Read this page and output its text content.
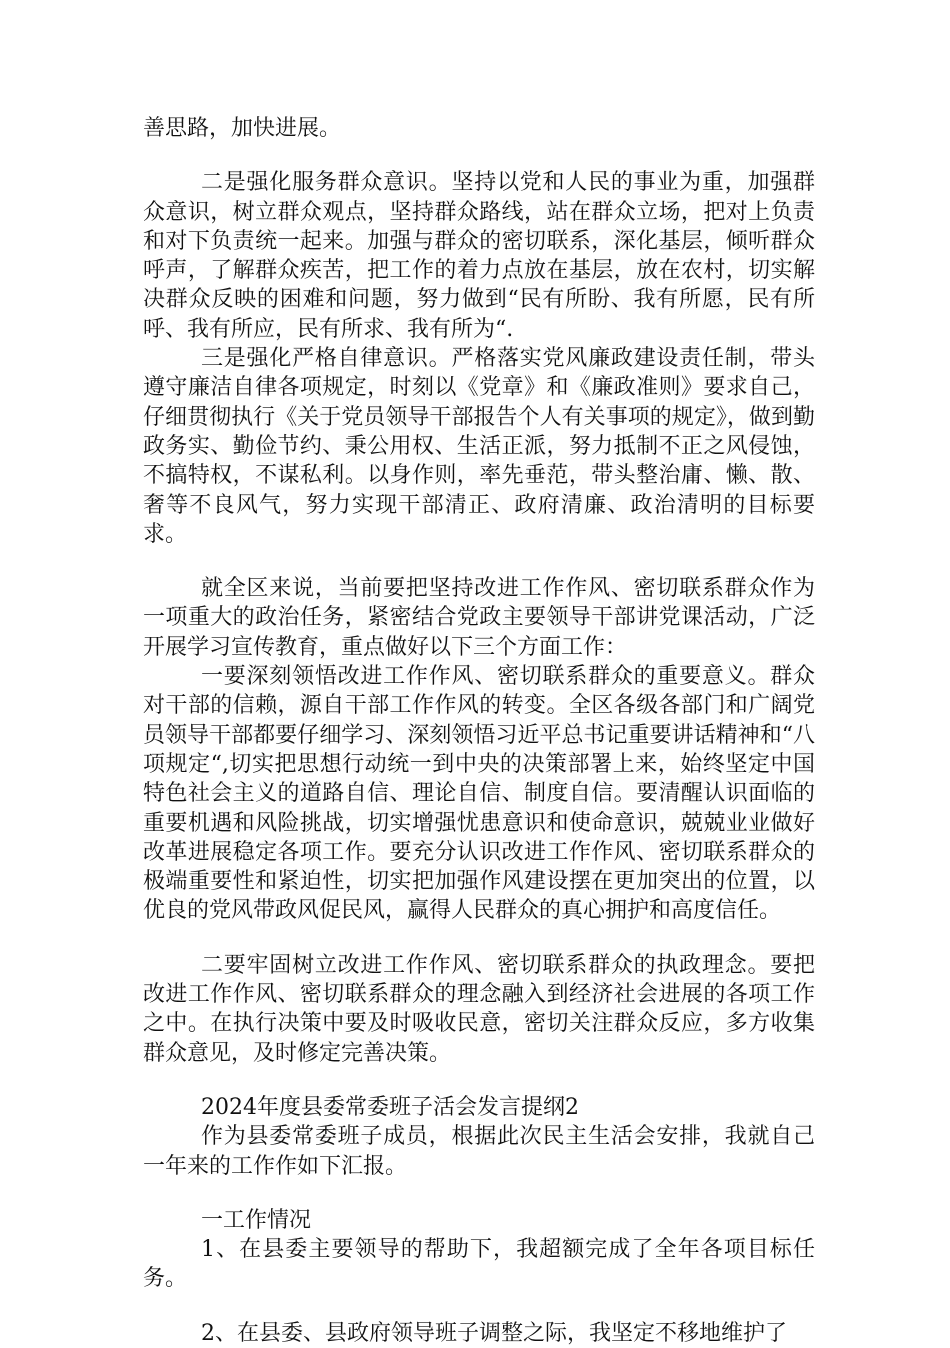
善思路，加快进展。

二是强化服务群众意识。坚持以党和人民的事业为重，加强群众意识，树立群众观点，坚持群众路线，站在群众立场，把对上负责和对下负责统一起来。加强与群众的密切联系，深化基层，倾听群众呼声，了解群众疾苦，把工作的着力点放在基层，放在农村，切实解决群众反映的困难和问题，努力做到“民有所盼、我有所愿，民有所呼、我有所应，民有所求、我有所为“.

三是强化严格自律意识。严格落实党风廉政建设责任制，带头遵守廉洁自律各项规定，时刻以《党章》和《廉政准则》要求自己，仔细贯彻执行《关于党员领导干部报告个人有关事项的规定》，做到勤政务实、勤俭节约、秉公用权、生活正派，努力抵制不正之风侵蚀，不搞特权，不谋私利。以身作则，率先垂范，带头整治庸、懒、散、奢等不良风气，努力实现干部清正、政府清廉、政治清明的目标要求。

就全区来说，当前要把坚持改进工作作风、密切联系群众作为一项重大的政治任务，紧密结合党政主要领导干部讲党课活动，广泛开展学习宣传教育，重点做好以下三个方面工作：

一要深刻领悟改进工作作风、密切联系群众的重要意义。群众对干部的信赖，源自干部工作作风的转变。全区各级各部门和广阔党员领导干部都要仔细学习、深刻领悟习近平总书记重要讲话精神和“八项规定“,切实把思想行动统一到中央的决策部署上来，始终坚定中国特色社会主义的道路自信、理论自信、制度自信。要清醒认识面临的重要机遇和风险挑战，切实增强忧患意识和使命意识，兢兢业业做好改革进展稳定各项工作。要充分认识改进工作作风、密切联系群众的极端重要性和紧迫性，切实把加强作风建设摆在更加突出的位置，以优良的党风带政风促民风，赢得人民群众的真心拥护和高度信任。

二要牢固树立改进工作作风、密切联系群众的执政理念。要把改进工作作风、密切联系群众的理念融入到经济社会进展的各项工作之中。在执行决策中要及时吸收民意，密切关注群众反应，多方收集群众意见，及时修定完善决策。

2024年度县委常委班子活会发言提纲2

作为县委常委班子成员，根据此次民主生活会安排，我就自己一年来的工作作如下汇报。

一工作情况

1、在县委主要领导的帮助下，我超额完成了全年各项目标任务。

2、在县委、县政府领导班子调整之际，我坚定不移地维护了
